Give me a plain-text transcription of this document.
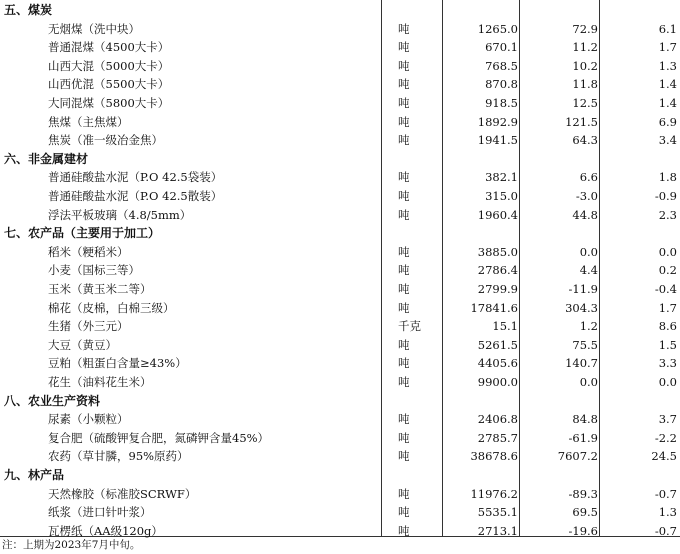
五、煤炭
无烟煤（洗中块）	吨	1265.0	72.9	6.1
普通混煤（4500大卡）	吨	670.1	11.2	1.7
山西大混（5000大卡）	吨	768.5	10.2	1.3
山西优混（5500大卡）	吨	870.8	11.8	1.4
大同混煤（5800大卡）	吨	918.5	12.5	1.4
焦煤（主焦煤）	吨	1892.9	121.5	6.9
焦炭（准一级冶金焦）	吨	1941.5	64.3	3.4
六、非金属建材
普通硅酸盐水泥（P.O 42.5袋装）	吨	382.1	6.6	1.8
普通硅酸盐水泥（P.O 42.5散装）	吨	315.0	-3.0	-0.9
浮法平板玻璃（4.8/5mm）	吨	1960.4	44.8	2.3
七、农产品（主要用于加工）
稻米（粳稻米）	吨	3885.0	0.0	0.0
小麦（国标三等）	吨	2786.4	4.4	0.2
玉米（黄玉米二等）	吨	2799.9	-11.9	-0.4
棉花（皮棉，白棉三级）	吨	17841.6	304.3	1.7
生猪（外三元）	千克	15.1	1.2	8.6
大豆（黄豆）	吨	5261.5	75.5	1.5
豆粕（粗蛋白含量≥43%）	吨	4405.6	140.7	3.3
花生（油料花生米）	吨	9900.0	0.0	0.0
八、农业生产资料
尿素（小颗粒）	吨	2406.8	84.8	3.7
复合肥（硫酸钾复合肥，氮磷钾含量45%）	吨	2785.7	-61.9	-2.2
农药（草甘膦，95%原药）	吨	38678.6	7607.2	24.5
九、林产品
天然橡胶（标准胶SCRWF）	吨	11976.2	-89.3	-0.7
纸浆（进口针叶浆）	吨	5535.1	69.5	1.3
瓦楞纸（AA级120g）	吨	2713.1	-19.6	-0.7
注：上期为2023年7月中旬。
